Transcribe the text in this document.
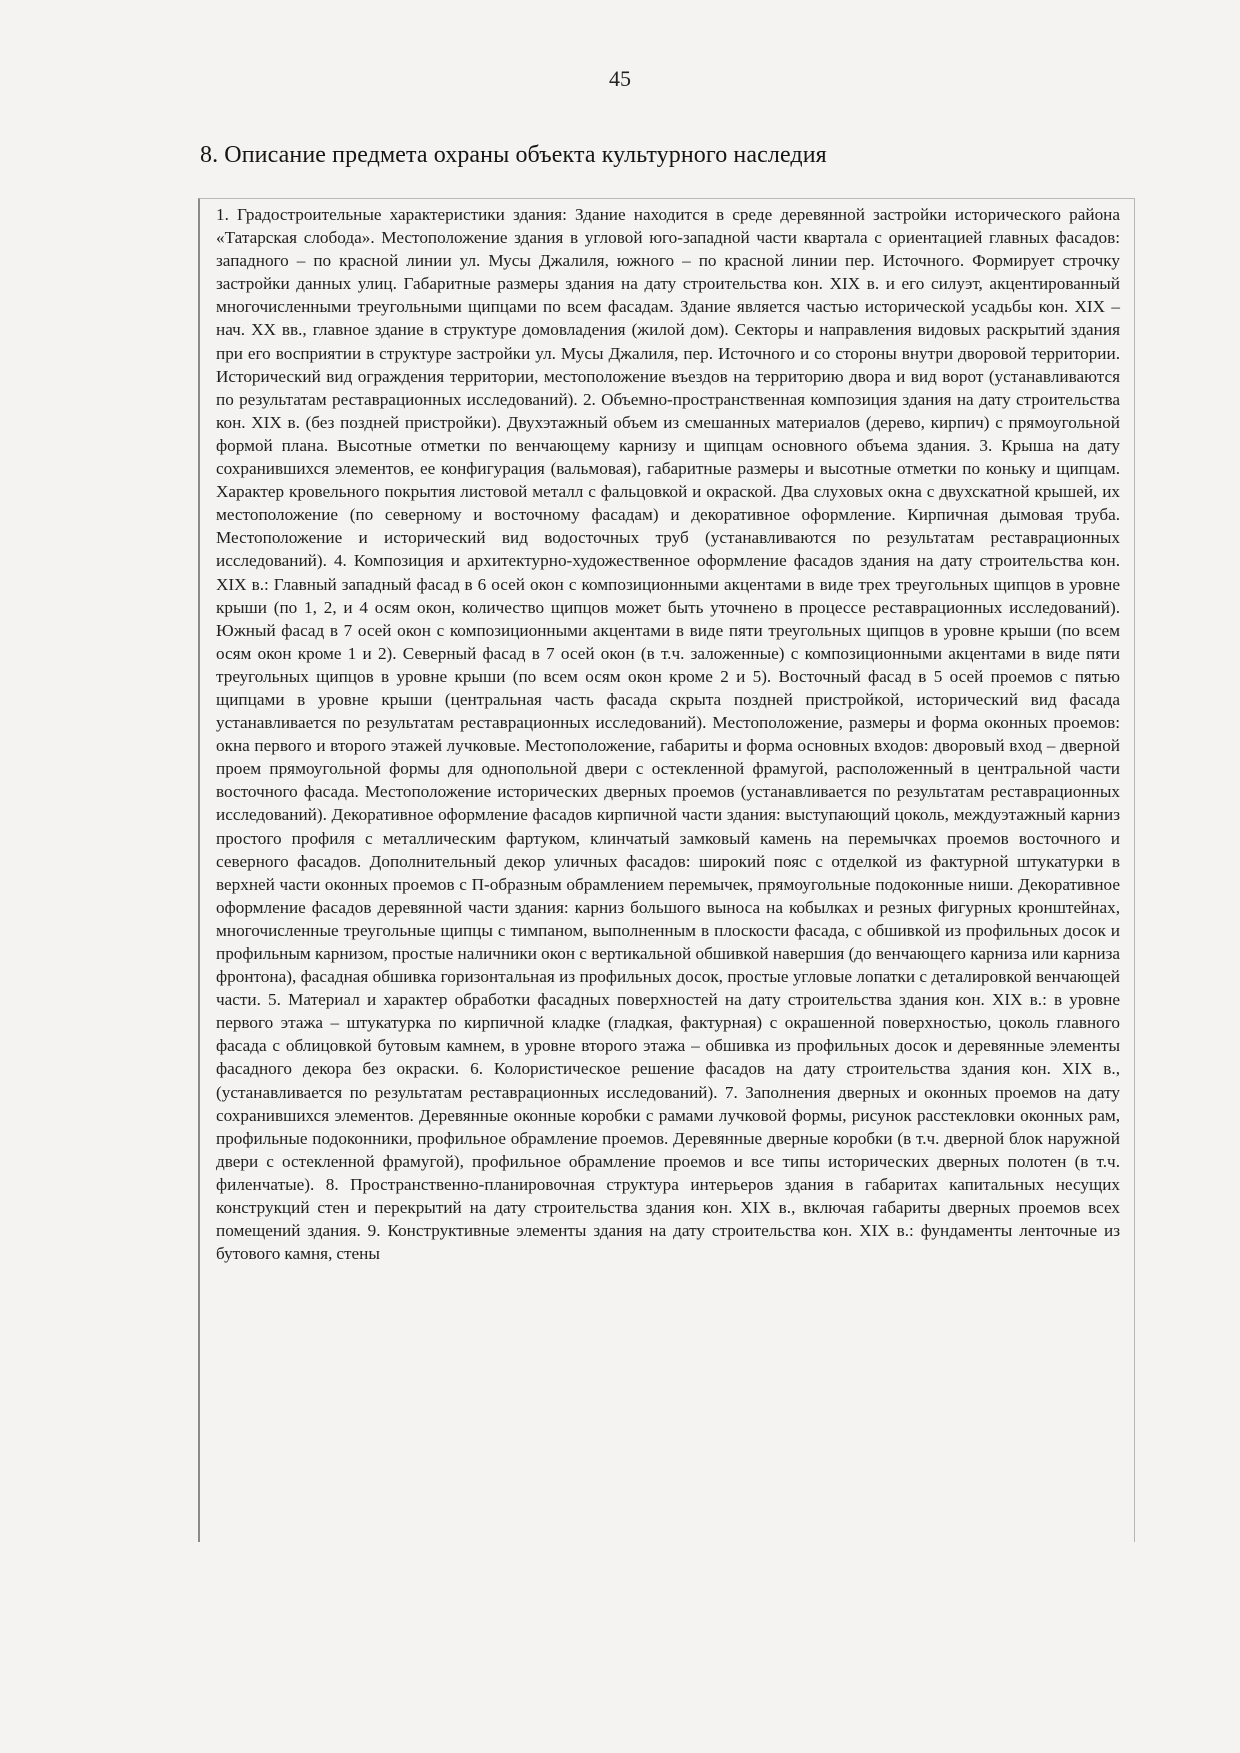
45
8. Описание предмета охраны объекта культурного наследия

1. Градостроительные характеристики здания: Здание находится в среде деревянной застройки исторического района «Татарская слобода». Местоположение здания в угловой юго-западной части квартала с ориентацией главных фасадов: западного – по красной линии ул. Мусы Джалиля, южного – по красной линии пер. Источного. Формирует строчку застройки данных улиц. Габаритные размеры здания на дату строительства кон. XIX в. и его силуэт, акцентированный многочисленными треугольными щипцами по всем фасадам. Здание является частью исторической усадьбы кон. XIX – нач. XX вв., главное здание в структуре домовладения (жилой дом). Секторы и направления видовых раскрытий здания при его восприятии в структуре застройки ул. Мусы Джалиля, пер. Источного и со стороны внутри дворовой территории. Исторический вид ограждения территории, местоположение въездов на территорию двора и вид ворот (устанавливаются по результатам реставрационных исследований). 2. Объемно-пространственная композиция здания на дату строительства кон. XIX в. (без поздней пристройки). Двухэтажный объем из смешанных материалов (дерево, кирпич) с прямоугольной формой плана. Высотные отметки по венчающему карнизу и щипцам основного объема здания. 3. Крыша на дату сохранившихся элементов, ее конфигурация (вальмовая), габаритные размеры и высотные отметки по коньку и щипцам. Характер кровельного покрытия листовой металл с фальцовкой и окраской. Два слуховых окна с двухскатной крышей, их местоположение (по северному и восточному фасадам) и декоративное оформление. Кирпичная дымовая труба. Местоположение и исторический вид водосточных труб (устанавливаются по результатам реставрационных исследований). 4. Композиция и архитектурно-художественное оформление фасадов здания на дату строительства кон. XIX в.: Главный западный фасад в 6 осей окон с композиционными акцентами в виде трех треугольных щипцов в уровне крыши (по 1, 2, и 4 осям окон, количество щипцов может быть уточнено в процессе реставрационных исследований). Южный фасад в 7 осей окон с композиционными акцентами в виде пяти треугольных щипцов в уровне крыши (по всем осям окон кроме 1 и 2). Северный фасад в 7 осей окон (в т.ч. заложенные) с композиционными акцентами в виде пяти треугольных щипцов в уровне крыши (по всем осям окон кроме 2 и 5). Восточный фасад в 5 осей проемов с пятью щипцами в уровне крыши (центральная часть фасада скрыта поздней пристройкой, исторический вид фасада устанавливается по результатам реставрационных исследований). Местоположение, размеры и форма оконных проемов: окна первого и второго этажей лучковые. Местоположение, габариты и форма основных входов: дворовый вход – дверной проем прямоугольной формы для однопольной двери с остекленной фрамугой, расположенный в центральной части восточного фасада. Местоположение исторических дверных проемов (устанавливается по результатам реставрационных исследований). Декоративное оформление фасадов кирпичной части здания: выступающий цоколь, междуэтажный карниз простого профиля с металлическим фартуком, клинчатый замковый камень на перемычках проемов восточного и северного фасадов. Дополнительный декор уличных фасадов: широкий пояс с отделкой из фактурной штукатурки в верхней части оконных проемов с П-образным обрамлением перемычек, прямоугольные подоконные ниши. Декоративное оформление фасадов деревянной части здания: карниз большого выноса на кобылках и резных фигурных кронштейнах, многочисленные треугольные щипцы с тимпаном, выполненным в плоскости фасада, с обшивкой из профильных досок и профильным карнизом, простые наличники окон с вертикальной обшивкой навершия (до венчающего карниза или карниза фронтона), фасадная обшивка горизонтальная из профильных досок, простые угловые лопатки с деталировкой венчающей части. 5. Материал и характер обработки фасадных поверхностей на дату строительства здания кон. XIX в.: в уровне первого этажа – штукатурка по кирпичной кладке (гладкая, фактурная) с окрашенной поверхностью, цоколь главного фасада с облицовкой бутовым камнем, в уровне второго этажа – обшивка из профильных досок и деревянные элементы фасадного декора без окраски. 6. Колористическое решение фасадов на дату строительства здания кон. XIX в., (устанавливается по результатам реставрационных исследований). 7. Заполнения дверных и оконных проемов на дату сохранившихся элементов. Деревянные оконные коробки с рамами лучковой формы, рисунок расстекловки оконных рам, профильные подоконники, профильное обрамление проемов. Деревянные дверные коробки (в т.ч. дверной блок наружной двери с остекленной фрамугой), профильное обрамление проемов и все типы исторических дверных полотен (в т.ч. филенчатые). 8. Пространственно-планировочная структура интерьеров здания в габаритах капитальных несущих конструкций стен и перекрытий на дату строительства здания кон. XIX в., включая габариты дверных проемов всех помещений здания. 9. Конструктивные элементы здания на дату строительства кон. XIX в.: фундаменты ленточные из бутового камня, стены
